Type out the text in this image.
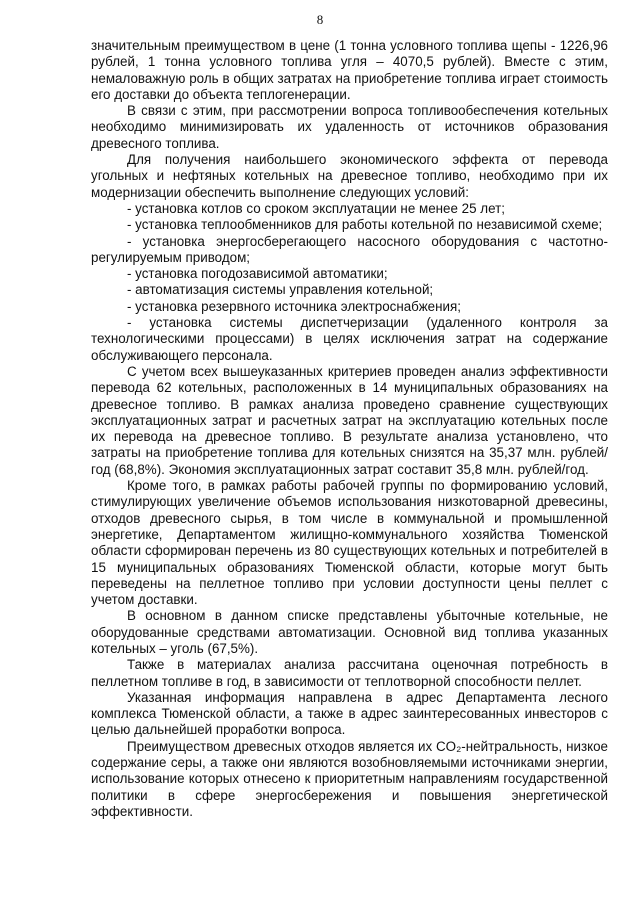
8

значительным преимуществом в цене (1 тонна условного топлива щепы - 1226,96 рублей, 1 тонна условного топлива угля – 4070,5 рублей). Вместе с этим, немаловажную роль в общих затратах на приобретение топлива играет стоимость его доставки до объекта теплогенерации.

В связи с этим, при рассмотрении вопроса топливообеспечения котельных необходимо минимизировать их удаленность от источников образования древесного топлива.

Для получения наибольшего экономического эффекта от перевода угольных и нефтяных котельных на древесное топливо, необходимо при их модернизации обеспечить выполнение следующих условий:

- установка котлов со сроком эксплуатации не менее 25 лет;

- установка теплообменников для работы котельной по независимой схеме;

- установка энергосберегающего насосного оборудования с частотно-регулируемым приводом;

- установка погодозависимой автоматики;

- автоматизация системы управления котельной;

- установка резервного источника электроснабжения;

- установка системы диспетчеризации (удаленного контроля за технологическими процессами) в целях исключения затрат на содержание обслуживающего персонала.

С учетом всех вышеуказанных критериев проведен анализ эффективности перевода 62 котельных, расположенных в 14 муниципальных образованиях на древесное топливо. В рамках анализа проведено сравнение существующих эксплуатационных затрат и расчетных затрат на эксплуатацию котельных после их перевода на древесное топливо. В результате анализа установлено, что затраты на приобретение топлива для котельных снизятся на 35,37 млн. рублей/год (68,8%). Экономия эксплуатационных затрат составит 35,8 млн. рублей/год.

Кроме того, в рамках работы рабочей группы по формированию условий, стимулирующих увеличение объемов использования низкотоварной древесины, отходов древесного сырья, в том числе в коммунальной и промышленной энергетике, Департаментом жилищно-коммунального хозяйства Тюменской области сформирован перечень из 80 существующих котельных и потребителей в 15 муниципальных образованиях Тюменской области, которые могут быть переведены на пеллетное топливо при условии доступности цены пеллет с учетом доставки.

В основном в данном списке представлены убыточные котельные, не оборудованные средствами автоматизации. Основной вид топлива указанных котельных – уголь (67,5%).

Также в материалах анализа рассчитана оценочная потребность в пеллетном топливе в год, в зависимости от теплотворной способности пеллет.

Указанная информация направлена в адрес Департамента лесного комплекса Тюменской области, а также в адрес заинтересованных инвесторов с целью дальнейшей проработки вопроса.

Преимуществом древесных отходов является их CO₂-нейтральность, низкое содержание серы, а также они являются возобновляемыми источниками энергии, использование которых отнесено к приоритетным направлениям государственной политики в сфере энергосбережения и повышения энергетической эффективности.
